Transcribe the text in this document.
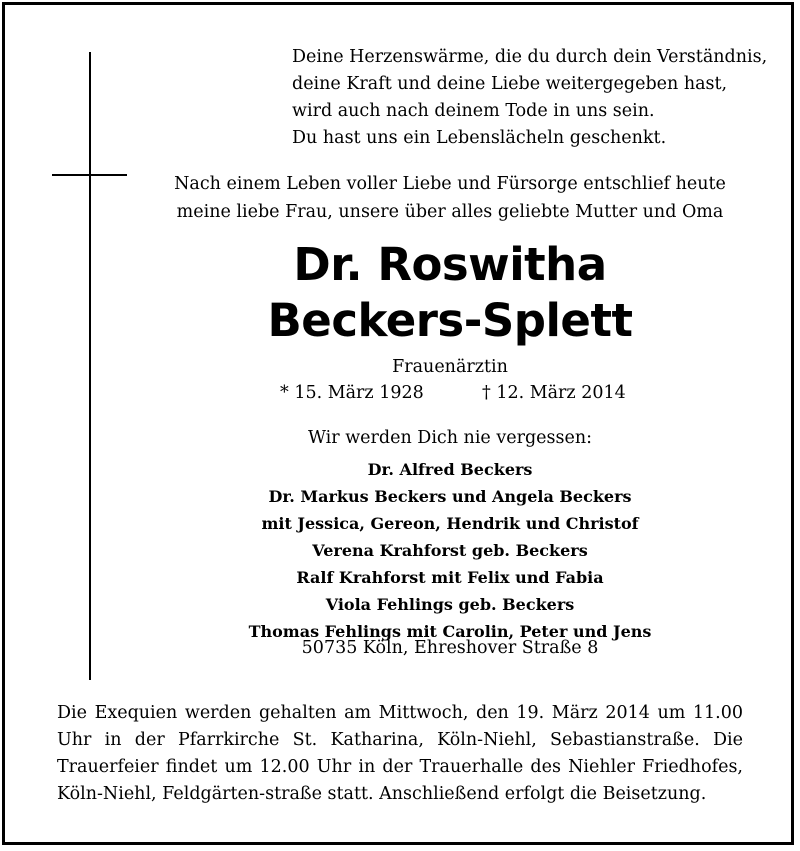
Deine Herzenswärme, die du durch dein Verständnis,
deine Kraft und deine Liebe weitergegeben hast,
wird auch nach deinem Tode in uns sein.
Du hast uns ein Lebenslächeln geschenkt.
Nach einem Leben voller Liebe und Fürsorge entschlief heute
meine liebe Frau, unsere über alles geliebte Mutter und Oma
Dr. Roswitha
Beckers-Splett
Frauenärztin
* 15. März 1928	† 12. März 2014
Wir werden Dich nie vergessen:
Dr. Alfred Beckers
Dr. Markus Beckers und Angela Beckers
mit Jessica, Gereon, Hendrik und Christof
Verena Krahforst geb. Beckers
Ralf Krahforst mit Felix und Fabia
Viola Fehlings geb. Beckers
Thomas Fehlings mit Carolin, Peter und Jens
50735 Köln, Ehreshover Straße 8
Die Exequien werden gehalten am Mittwoch, den 19. März 2014 um 11.00 Uhr in der Pfarrkirche St. Katharina, Köln-Niehl, Sebastianstraße. Die Trauerfeier findet um 12.00 Uhr in der Trauerhalle des Niehler Friedhofes, Köln-Niehl, Feldgärten-straße statt. Anschließend erfolgt die Beisetzung.
